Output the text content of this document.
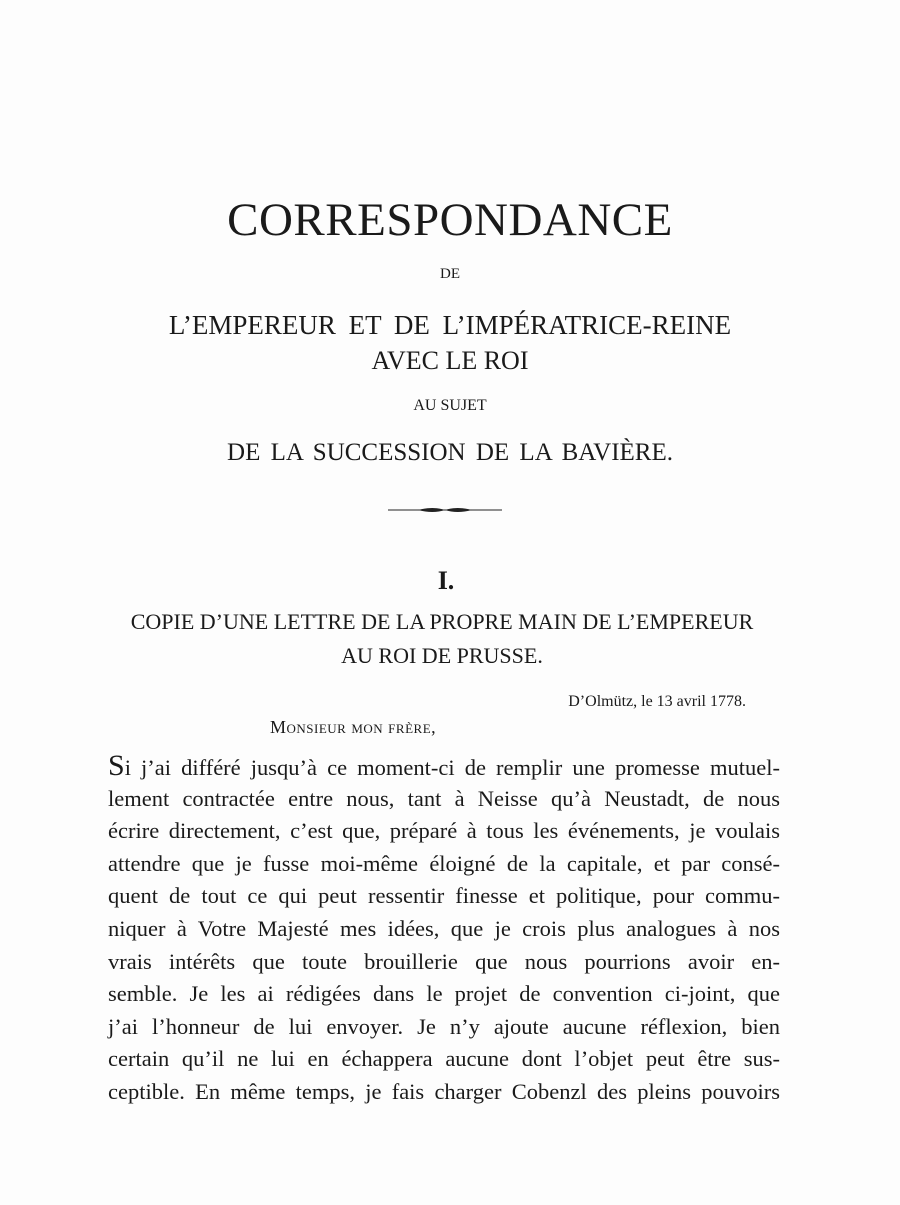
CORRESPONDANCE
DE
L’EMPEREUR ET DE L’IMPÉRATRICE-REINE
AVEC LE ROI
AU SUJET
DE LA SUCCESSION DE LA BAVIÈRE.
I.
COPIE D’UNE LETTRE DE LA PROPRE MAIN DE L’EMPEREUR
AU ROI DE PRUSSE.
D’Olmütz, le 13 avril 1778.
Monsieur mon frère,
Si j’ai différé jusqu’à ce moment-ci de remplir une promesse mutuel-
lement contractée entre nous, tant à Neisse qu’à Neustadt, de nous
écrire directement, c’est que, préparé à tous les événements, je voulais
attendre que je fusse moi-même éloigné de la capitale, et par consé-
quent de tout ce qui peut ressentir finesse et politique, pour commu-
niquer à Votre Majesté mes idées, que je crois plus analogues à nos
vrais intérêts que toute brouillerie que nous pourrions avoir en-
semble. Je les ai rédigées dans le projet de convention ci-joint, que
j’ai l’honneur de lui envoyer. Je n’y ajoute aucune réflexion, bien
certain qu’il ne lui en échappera aucune dont l’objet peut être sus-
ceptible. En même temps, je fais charger Cobenzl des pleins pouvoirs
